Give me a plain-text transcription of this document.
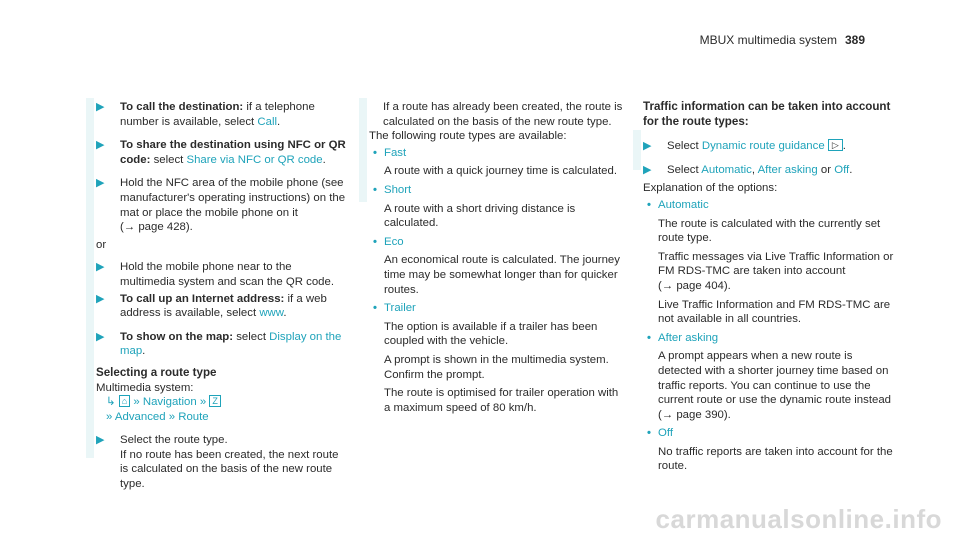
MBUX multimedia system 389
▶ To call the destination: if a telephone number is available, select Call.
▶ To share the destination using NFC or QR code: select Share via NFC or QR code.
▶ Hold the NFC area of the mobile phone (see manufacturer's operating instructions) on the mat or place the mobile phone on it
(→ page 428).
or
▶ Hold the mobile phone near to the multimedia system and scan the QR code.
▶ To call up an Internet address: if a web address is available, select www.
▶ To show on the map: select Display on the map.
Selecting a route type
Multimedia system:
↳ ⌂ » Navigation » Z
» Advanced » Route
▶ Select the route type.
If no route has been created, the next route is calculated on the basis of the new route type.
If a route has already been created, the route is calculated on the basis of the new route type.
The following route types are available:
• Fast

A route with a quick journey time is calculated.

• Short

A route with a short driving distance is calculated.

• Eco

An economical route is calculated. The journey time may be somewhat longer than for quicker routes.

• Trailer

The option is available if a trailer has been coupled with the vehicle.

A prompt is shown in the multimedia system. Confirm the prompt.

The route is optimised for trailer operation with a maximum speed of 80 km/h.

Traffic information can be taken into account for the route types:
▶ Select Dynamic route guidance ▷ .
▶ Select Automatic, After asking or Off.
Explanation of the options:
• Automatic

The route is calculated with the currently set route type.

Traffic messages via Live Traffic Information or FM RDS-TMC are taken into account
(→ page 404).

Live Traffic Information and FM RDS-TMC are not available in all countries.

• After asking

A prompt appears when a new route is detected with a shorter journey time based on traffic reports. You can continue to use the current route or use the dynamic route instead
(→ page 390).

• Off

No traffic reports are taken into account for the route.

carmanualsonline.info
